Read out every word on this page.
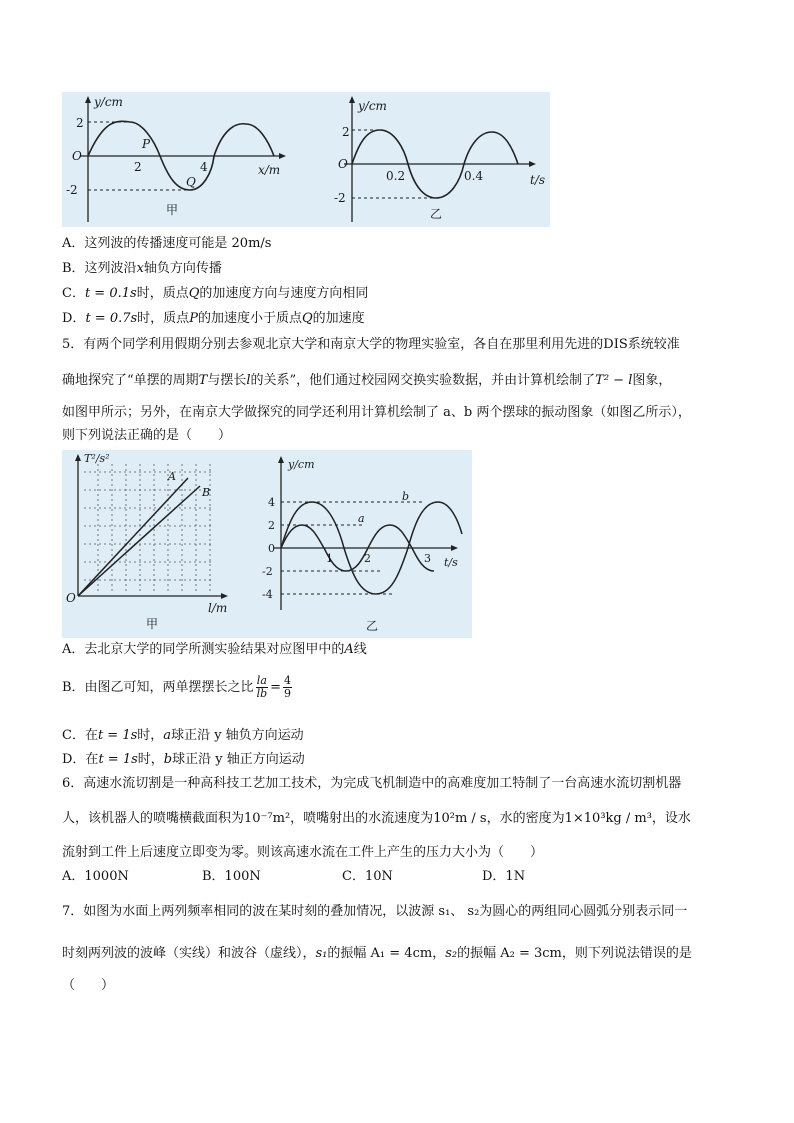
y/cm
x/m
O
2
-2
2	4
P
Q
甲
y/cm
t/s
O
2
-2
0.2	0.4
乙
A．这列波的传播速度可能是 20m/s
B．这列波沿x轴负方向传播
C．t = 0.1s时，质点Q的加速度方向与速度方向相同
D．t = 0.7s时，质点P的加速度小于质点Q的加速度
5．有两个同学利用假期分别去参观北京大学和南京大学的物理实验室，各自在那里利用先进的DIS系统较准
确地探究了“单摆的周期T与摆长l的关系”，他们通过校园网交换实验数据，并由计算机绘制了T² − l图象，
如图甲所示；另外，在南京大学做探究的同学还利用计算机绘制了 a、b 两个摆球的振动图象（如图乙所示），
则下列说法正确的是（　　）
T²/s²
l/m
O
A
B
甲
y/cm
t/s
0
4
2
-2
-4
1	2	3
a
b
乙
A．去北京大学的同学所测实验结果对应图甲中的A线
B．由图乙可知，两单摆摆长之比 $\frac{la}{lb} = \frac{4}{9}$
C．在t = 1s时，a球正沿 y 轴负方向运动
D．在t = 1s时，b球正沿 y 轴正方向运动
6．高速水流切割是一种高科技工艺加工技术，为完成飞机制造中的高难度加工特制了一台高速水流切割机器
人，该机器人的喷嘴横截面积为10⁻⁷m²，喷嘴射出的水流速度为10²m / s，水的密度为1×10³kg / m³，设水
流射到工件上后速度立即变为零。则该高速水流在工件上产生的压力大小为（　　）
A．1000N	B．100N	C．10N	D．1N
7．如图为水面上两列频率相同的波在某时刻的叠加情况，以波源 s₁、 s₂为圆心的两组同心圆弧分别表示同一
时刻两列波的波峰（实线）和波谷（虚线），s₁的振幅 A₁ = 4cm，s₂的振幅 A₂ = 3cm，则下列说法错误的是
（　　）
